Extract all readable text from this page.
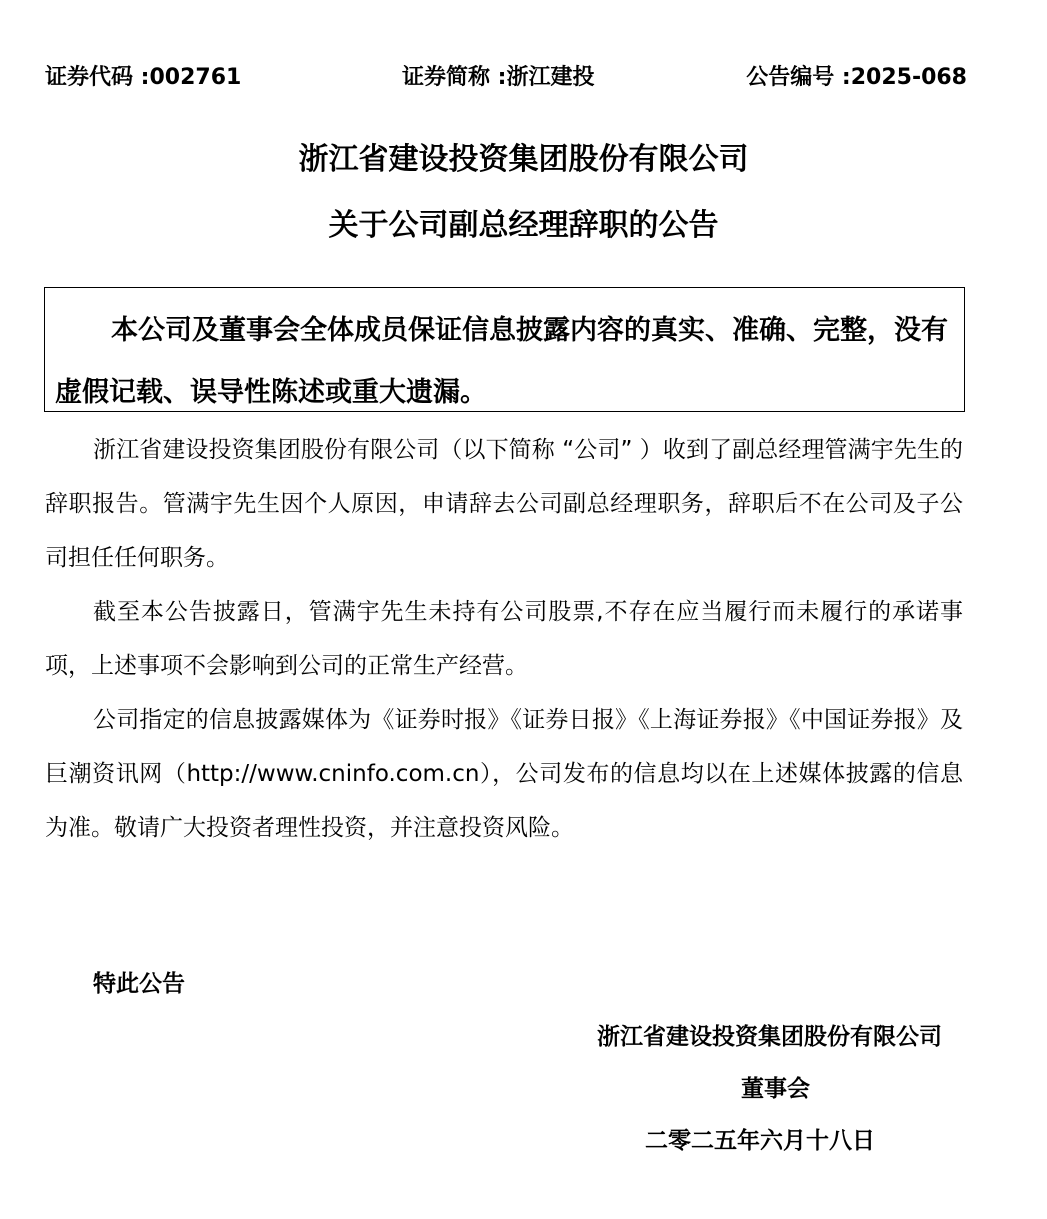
证券代码 :002761	证券简称 :浙江建投	公告编号 :2025-068
浙江省建设投资集团股份有限公司
关于公司副总经理辞职的公告

本公司及董事会全体成员保证信息披露内容的真实、准确、完整，没有虚假记载、误导性陈述或重大遗漏。

浙江省建设投资集团股份有限公司（以下简称 “公司” ）收到了副总经理管满宇先生的辞职报告。管满宇先生因个人原因，申请辞去公司副总经理职务，辞职后不在公司及子公司担任任何职务。

截至本公告披露日，管满宇先生未持有公司股票,不存在应当履行而未履行的承诺事项，上述事项不会影响到公司的正常生产经营。

公司指定的信息披露媒体为《证券时报》《证券日报》《上海证券报》《中国证券报》及巨潮资讯网（http://www.cninfo.com.cn），公司发布的信息均以在上述媒体披露的信息为准。敬请广大投资者理性投资，并注意投资风险。

特此公告
浙江省建设投资集团股份有限公司
董事会
二零二五年六月十八日
